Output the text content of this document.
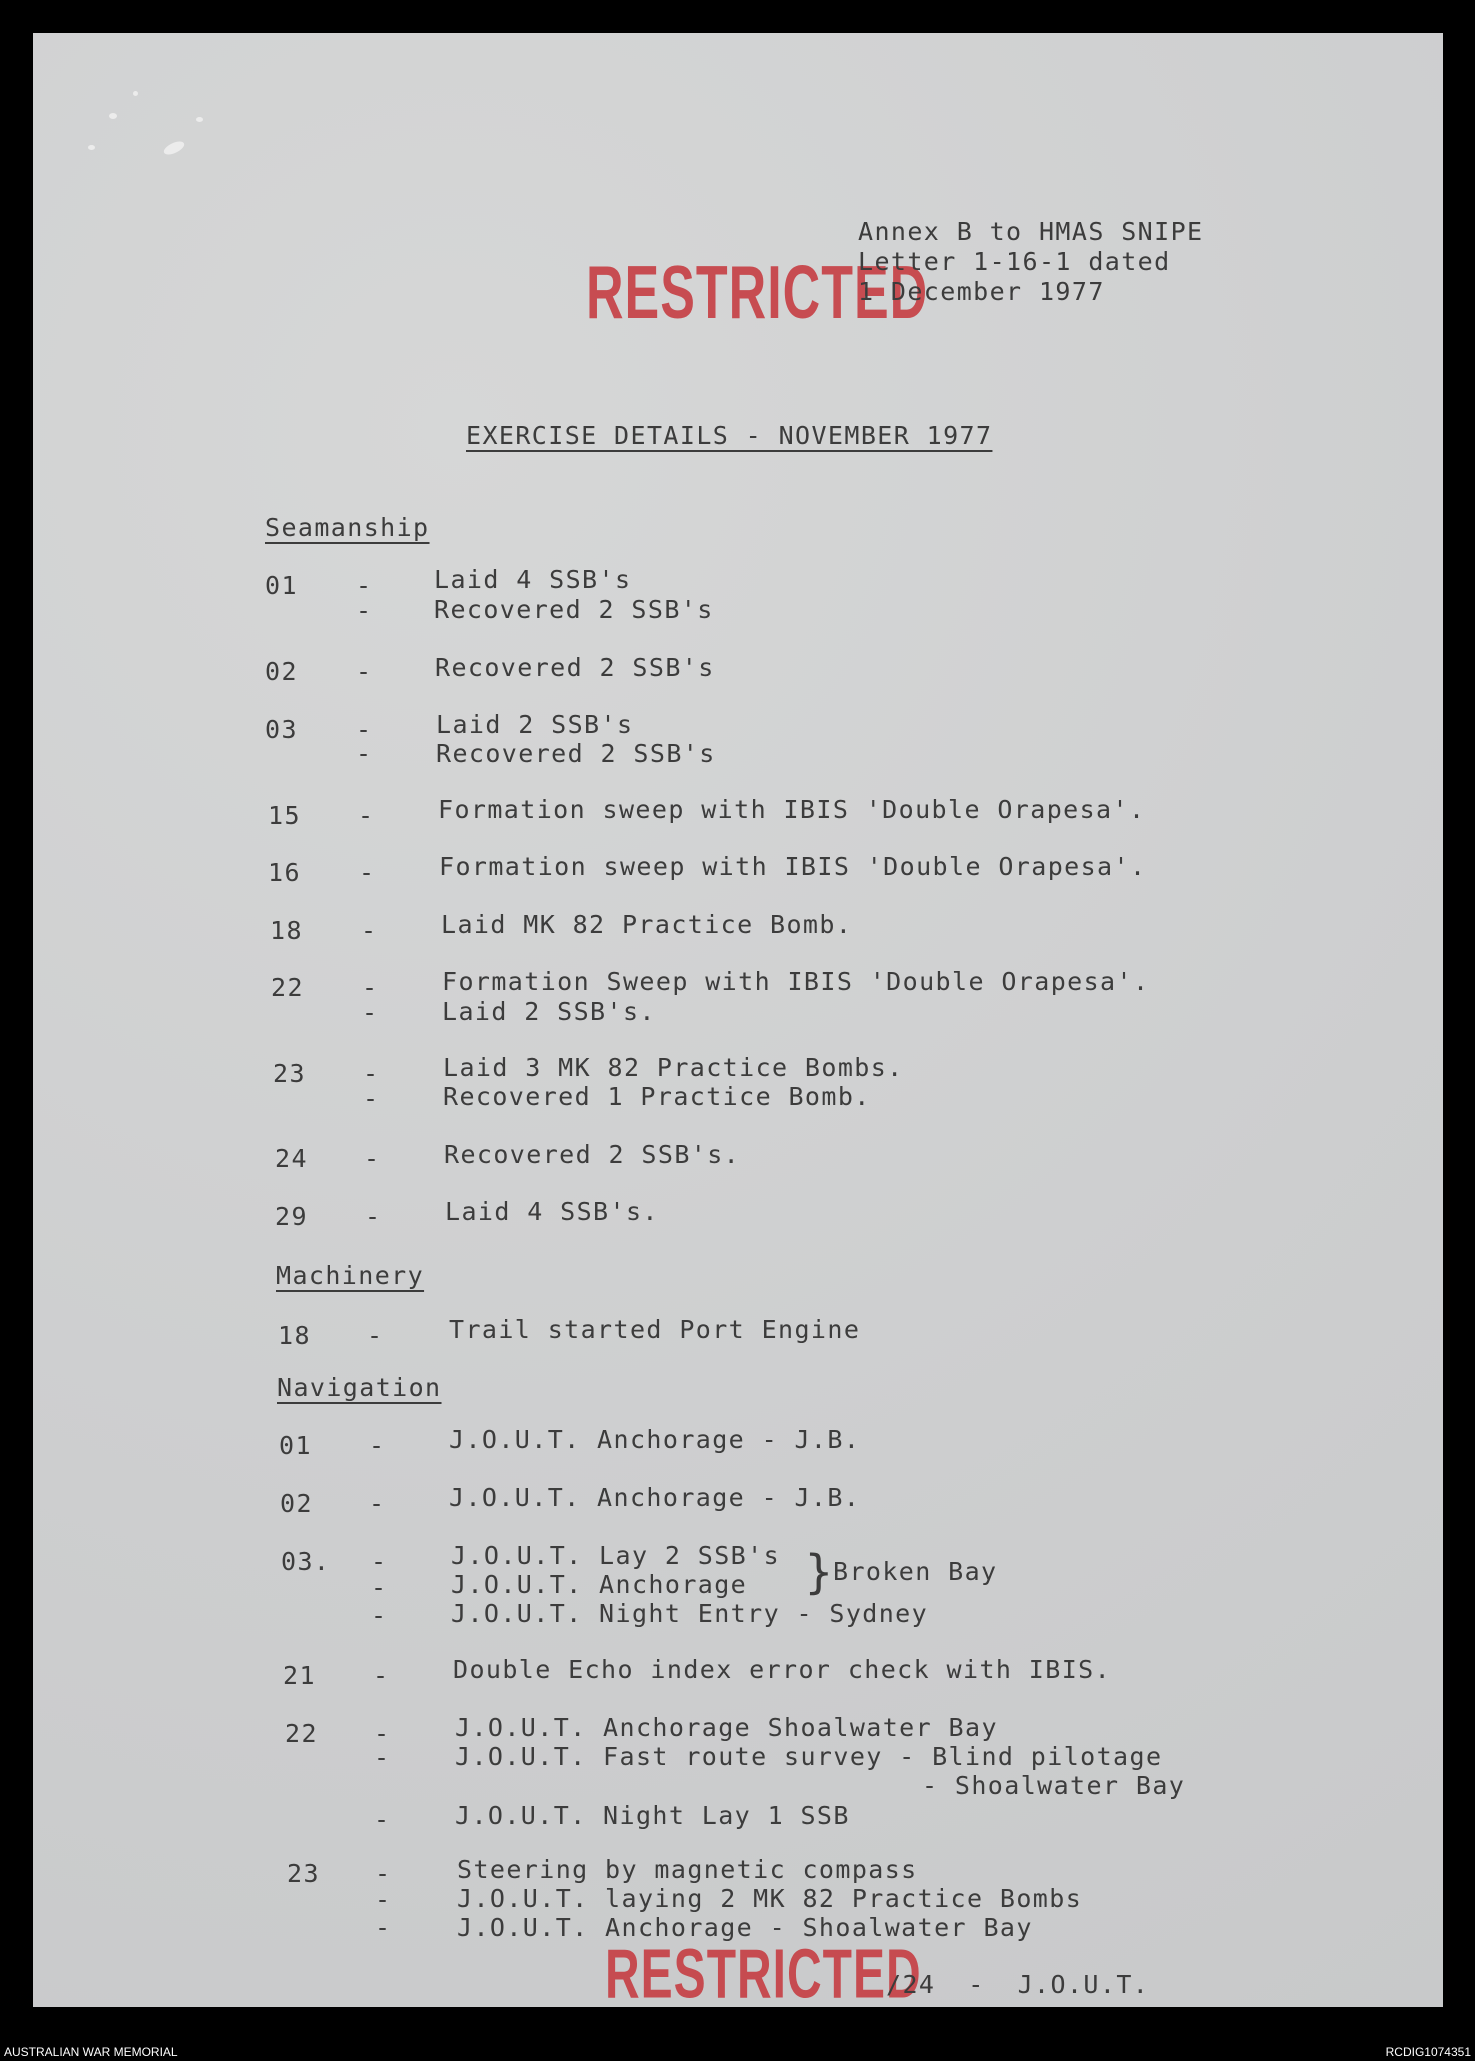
RESTRICTED
Annex B to HMAS SNIPE
Letter 1-16-1 dated
1 December 1977
EXERCISE DETAILS - NOVEMBER 1977
Seamanship
01 - Laid 4 SSB's
- Recovered 2 SSB's
02 -	Recovered 2 SSB's
03 -	Laid 2 SSB's
-	Recovered 2 SSB's
15 -	Formation sweep with IBIS 'Double Orapesa'.
16 -	Formation sweep with IBIS 'Double Orapesa'.
18 -	Laid MK 82 Practice Bomb.
22 -	Formation Sweep with IBIS 'Double Orapesa'.
-	Laid 2 SSB's.
23 -	Laid 3 MK 82 Practice Bombs.
-	Recovered 1 Practice Bomb.
24 -	Recovered 2 SSB's.
29 -	Laid 4 SSB's.
Machinery
18 -	Trail started Port Engine
Navigation
01 -	J.O.U.T. Anchorage - J.B.
02 -	J.O.U.T. Anchorage - J.B.
03. -	J.O.U.T. Lay 2 SSB's
-	J.O.U.T. Anchorage
-	J.O.U.T. Night Entry - Sydney
} Broken Bay
21 -	Double Echo index error check with IBIS.
22 -	J.O.U.T. Anchorage Shoalwater Bay
-	J.O.U.T. Fast route survey - Blind pilotage
- Shoalwater Bay
-	J.O.U.T. Night Lay 1 SSB
23 -	Steering by magnetic compass
-	J.O.U.T. laying 2 MK 82 Practice Bombs
-	J.O.U.T. Anchorage - Shoalwater Bay
RESTRICTED
/24  -  J.O.U.T.
AUSTRALIAN WAR MEMORIAL	RCDIG1074351
